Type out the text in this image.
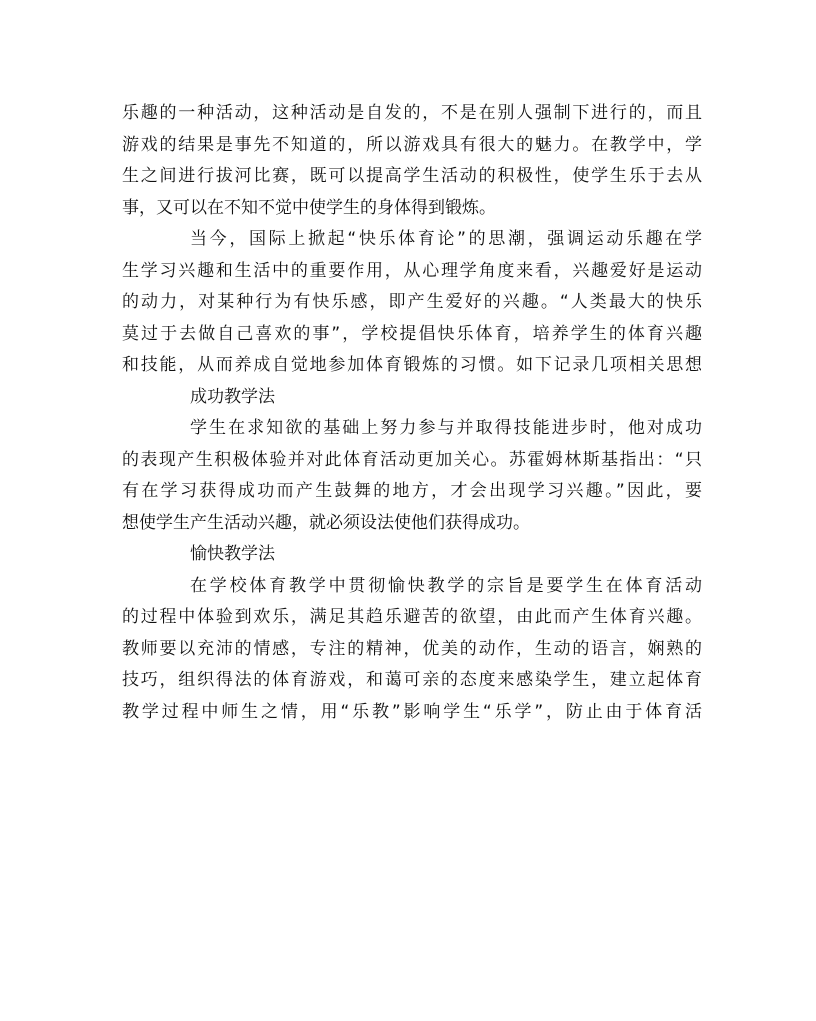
乐趣的一种活动，这种活动是自发的，不是在别人强制下进行的，而且
游戏的结果是事先不知道的，所以游戏具有很大的魅力。在教学中，学
生之间进行拔河比赛，既可以提高学生活动的积极性，使学生乐于去从
事，又可以在不知不觉中使学生的身体得到锻炼。
当今，国际上掀起“快乐体育论”的思潮，强调运动乐趣在学
生学习兴趣和生活中的重要作用，从心理学角度来看，兴趣爱好是运动
的动力，对某种行为有快乐感，即产生爱好的兴趣。“人类最大的快乐
莫过于去做自己喜欢的事”，学校提倡快乐体育，培养学生的体育兴趣
和技能，从而养成自觉地参加体育锻炼的习惯。如下记录几项相关思想
成功教学法
学生在求知欲的基础上努力参与并取得技能进步时，他对成功
的表现产生积极体验并对此体育活动更加关心。苏霍姆林斯基指出：“只
有在学习获得成功而产生鼓舞的地方，才会出现学习兴趣。”因此，要
想使学生产生活动兴趣，就必须设法使他们获得成功。
愉快教学法
在学校体育教学中贯彻愉快教学的宗旨是要学生在体育活动
的过程中体验到欢乐，满足其趋乐避苦的欲望，由此而产生体育兴趣。
教师要以充沛的情感，专注的精神，优美的动作，生动的语言，娴熟的
技巧，组织得法的体育游戏，和蔼可亲的态度来感染学生，建立起体育
教学过程中师生之情，用“乐教”影响学生“乐学”，防止由于体育活
